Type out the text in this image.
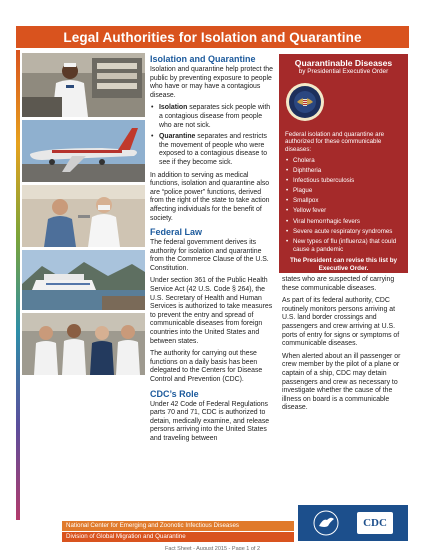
Legal Authorities for Isolation and Quarantine
Isolation and Quarantine

Isolation and quarantine help protect the public by preventing exposure to people who have or may have a contagious disease.

• Isolation separates sick people with a contagious disease from people who are not sick.
• Quarantine separates and restricts the movement of people who were exposed to a contagious disease to see if they become sick.

In addition to serving as medical functions, isolation and quarantine also are “police power” functions, derived from the right of the state to take action affecting individuals for the benefit of society.

Federal Law

The federal government derives its authority for isolation and quarantine from the Commerce Clause of the U.S. Constitution.

Under section 361 of the Public Health Service Act (42 U.S. Code § 264), the U.S. Secretary of Health and Human Services is authorized to take measures to prevent the entry and spread of communicable diseases from foreign countries into the United States and between states.

The authority for carrying out these functions on a daily basis has been delegated to the Centers for Disease Control and Prevention (CDC).

CDC’s Role

Under 42 Code of Federal Regulations parts 70 and 71, CDC is authorized to detain, medically examine, and release persons arriving into the United States and traveling between

Quarantinable Diseases
by Presidential Executive Order
Federal isolation and quarantine are authorized for these communicable diseases:
• Cholera
• Diphtheria
• Infectious tuberculosis
• Plague
• Smallpox
• Yellow fever
• Viral hemorrhagic fevers
• Severe acute respiratory syndromes
• New types of flu (influenza) that could cause a pandemic
The President can revise this list by Executive Order.

states who are suspected of carrying these communicable diseases.

As part of its federal authority, CDC routinely monitors persons arriving at U.S. land border crossings and passengers and crew arriving at U.S. ports of entry for signs or symptoms of communicable diseases.

When alerted about an ill passenger or crew member by the pilot of a plane or captain of a ship, CDC may detain passengers and crew as necessary to investigate whether the cause of the illness on board is a communicable disease.

National Center for Emerging and Zoonotic Infectious Diseases
Division of Global Migration and Quarantine
CDC
Fact Sheet - August 2015 - Page 1 of 2
